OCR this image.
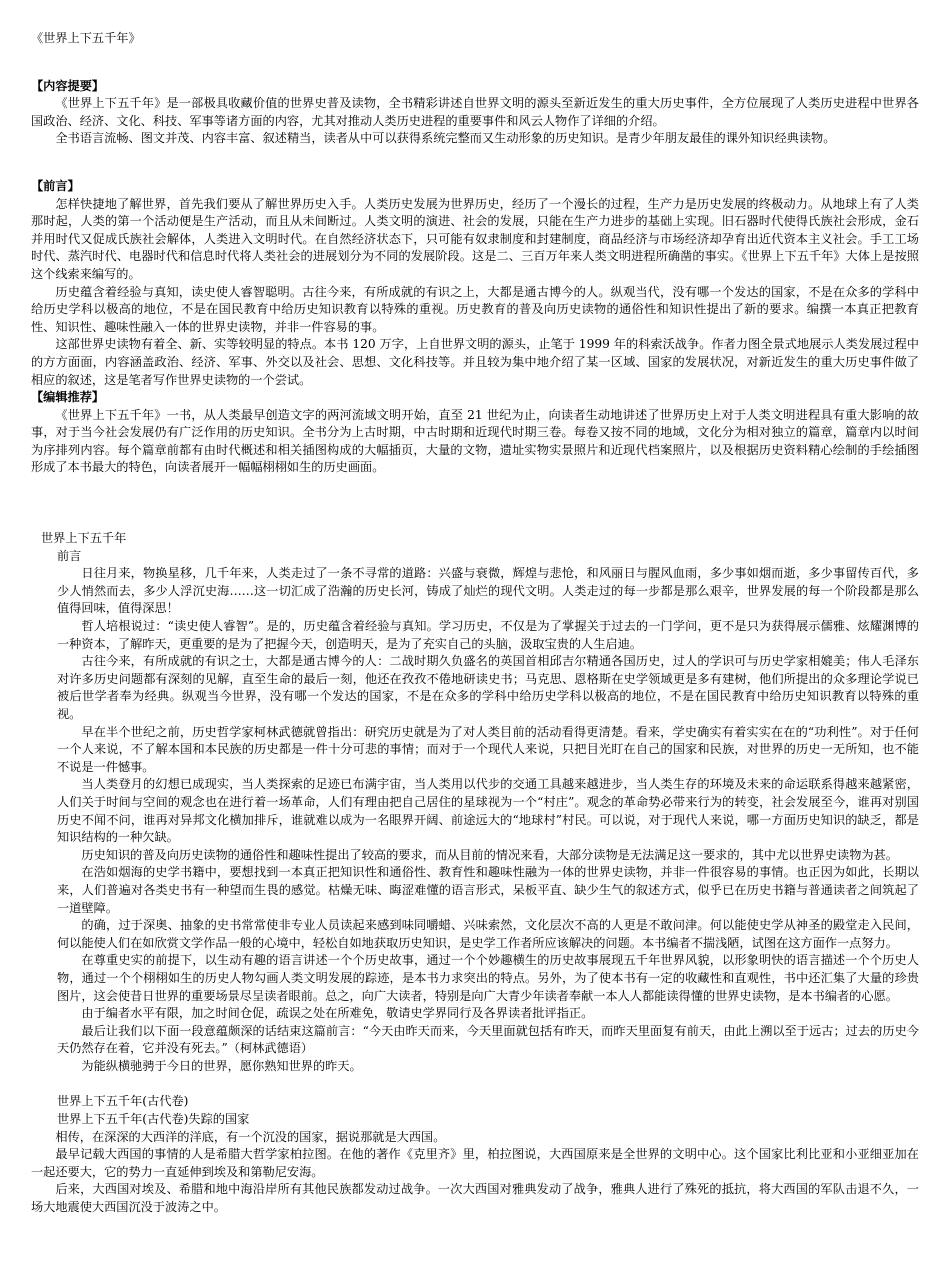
《世界上下五千年》
【内容提要】

《世界上下五千年》是一部极具收藏价值的世界史普及读物，全书精彩讲述自世界文明的源头至新近发生的重大历史事件，全方位展现了人类历史进程中世界各国政治、经济、文化、科技、军事等诸方面的内容，尤其对推动人类历史进程的重要事件和风云人物作了详细的介绍。

全书语言流畅、图文并茂、内容丰富、叙述精当，读者从中可以获得系统完整而又生动形象的历史知识。是青少年朋友最佳的课外知识经典读物。

【前言】

怎样快捷地了解世界，首先我们要从了解世界历史入手。人类历史发展为世界历史，经历了一个漫长的过程，生产力是历史发展的终极动力。从地球上有了人类那时起，人类的第一个活动便是生产活动，而且从未间断过。人类文明的演进、社会的发展，只能在生产力进步的基础上实现。旧石器时代使得氏族社会形成，金石并用时代又促成氏族社会解体，人类进入文明时代。在自然经济状态下，只可能有奴隶制度和封建制度，商品经济与市场经济却孕育出近代资本主义社会。手工工场时代、蒸汽时代、电器时代和信息时代将人类社会的进展划分为不同的发展阶段。这是二、三百万年来人类文明进程所确凿的事实。《世界上下五千年》大体上是按照这个线索来编写的。

历史蕴含着经验与真知，读史使人睿智聪明。古往今来，有所成就的有识之上，大都是通古博今的人。纵观当代，没有哪一个发达的国家，不是在众多的学科中给历史学科以极高的地位，不是在国民教育中给历史知识教育以特殊的重视。历史教育的普及向历史读物的通俗性和知识性提出了新的要求。编撰一本真正把教育性、知识性、趣味性融入一体的世界史读物，并非一件容易的事。

这部世界史读物有着全、新、实等较明显的特点。本书 120 万字，上自世界文明的源头，止笔于 1999 年的科索沃战争。作者力图全景式地展示人类发展过程中的方方面面，内容涵盖政治、经济、军事、外交以及社会、思想、文化科技等。并且较为集中地介绍了某一区域、国家的发展状况，对新近发生的重大历史事件做了相应的叙述，这是笔者写作世界史读物的一个尝试。

【编辑推荐】

《世界上下五千年》一书，从人类最早创造文字的两河流域文明开始，直至 21 世纪为止，向读者生动地讲述了世界历史上对于人类文明进程具有重大影响的故事，对于当今社会发展仍有广泛作用的历史知识。全书分为上古时期，中古时期和近现代时期三卷。每卷又按不同的地域，文化分为相对独立的篇章，篇章内以时间为序排列内容。每个篇章前都有由时代概述和相关插图构成的大幅插页，大量的文物，遗址实物实景照片和近现代档案照片，以及根据历史资料精心绘制的手绘插图形成了本书最大的特色，向读者展开一幅幅栩栩如生的历史画面。

世界上下五千年
前言

日往月来，物换星移，几千年来，人类走过了一条不寻常的道路：兴盛与衰微，辉煌与悲怆，和风丽日与腥风血雨，多少事如烟而逝，多少事留传百代，多少人悄然而去，多少人浮沉史海……这一切汇成了浩瀚的历史长河，铸成了灿烂的现代文明。人类走过的每一步都是那么艰辛，世界发展的每一个阶段都是那么值得回味，值得深思！

哲人培根说过：“读史使人睿智”。是的，历史蕴含着经验与真知。学习历史，不仅是为了掌握关于过去的一门学问，更不是只为获得展示儒雅、炫耀渊博的一种资本，了解昨天，更重要的是为了把握今天，创造明天，是为了充实自己的头脑，汲取宝贵的人生启迪。

古往今来，有所成就的有识之士，大都是通古博今的人：二战时期久负盛名的英国首相邱吉尔精通各国历史，过人的学识可与历史学家相媲美；伟人毛泽东对许多历史问题都有深刻的见解，直至生命的最后一刻，他还在孜孜不倦地研读史书；马克思、恩格斯在史学领域更是多有建树，他们所提出的众多理论学说已被后世学者奉为经典。纵观当今世界，没有哪一个发达的国家，不是在众多的学科中给历史学科以极高的地位，不是在国民教育中给历史知识教育以特殊的重视。

早在半个世纪之前，历史哲学家柯林武德就曾指出：研究历史就是为了对人类目前的活动看得更清楚。看来，学史确实有着实实在在的“功利性”。对于任何一个人来说，不了解本国和本民族的历史都是一件十分可悲的事情；而对于一个现代人来说，只把目光盯在自己的国家和民族，对世界的历史一无所知，也不能不说是一件憾事。

当人类登月的幻想已成现实，当人类探索的足迹已布满宇宙，当人类用以代步的交通工具越来越进步，当人类生存的环境及未来的命运联系得越来越紧密，人们关于时间与空间的观念也在进行着一场革命，人们有理由把自己居住的星球视为一个“村庄”。观念的革命势必带来行为的转变，社会发展至今，谁再对别国历史不闻不问，谁再对异邦文化横加排斥，谁就难以成为一名眼界开阔、前途远大的“地球村”村民。可以说，对于现代人来说，哪一方面历史知识的缺乏，都是知识结构的一种欠缺。

历史知识的普及向历史读物的通俗性和趣味性提出了较高的要求，而从目前的情况来看，大部分读物是无法满足这一要求的，其中尤以世界史读物为甚。

在浩如烟海的史学书籍中，要想找到一本真正把知识性和通俗性、教育性和趣味性融为一体的世界史读物，并非一件很容易的事情。也正因为如此，长期以来，人们普遍对各类史书有一种望而生畏的感觉。枯燥无味、晦涩难懂的语言形式，呆板平直、缺少生气的叙述方式，似乎已在历史书籍与普通读者之间筑起了一道壁障。

的确，过于深奥、抽象的史书常常使非专业人员读起来感到味同嚼蜡、兴味索然，文化层次不高的人更是不敢问津。何以能使史学从神圣的殿堂走入民间，何以能使人们在如欣赏文学作品一般的心境中，轻松自如地获取历史知识，是史学工作者所应该解决的问题。本书编者不揣浅陋，试图在这方面作一点努力。

在尊重史实的前提下，以生动有趣的语言讲述一个个历史故事，通过一个个妙趣横生的历史故事展现五千年世界风貌，以形象明快的语言描述一个个历史人物，通过一个个栩栩如生的历史人物勾画人类文明发展的踪迹，是本书力求突出的特点。另外，为了使本书有一定的收藏性和直观性，书中还汇集了大量的珍贵图片，这会使昔日世界的重要场景尽呈读者眼前。总之，向广大读者，特别是向广大青少年读者奉献一本人人都能读得懂的世界史读物，是本书编者的心愿。

由于编者水平有限，加之时间仓促，疏误之处在所难免，敬请史学界同行及各界读者批评指正。

最后让我们以下面一段意蕴颇深的话结束这篇前言：“今天由昨天而来，今天里面就包括有昨天，而昨天里面复有前天，由此上溯以至于远古；过去的历史今天仍然存在着，它并没有死去。”（柯林武德语）

为能纵横驰骋于今日的世界，愿你熟知世界的昨天。

世界上下五千年(古代卷)
世界上下五千年(古代卷)失踪的国家

相传，在深深的大西洋的洋底，有一个沉没的国家，据说那就是大西国。

最早记载大西国的事情的人是希腊大哲学家柏拉图。在他的著作《克里齐》里，柏拉图说，大西国原来是全世界的文明中心。这个国家比利比亚和小亚细亚加在一起还要大，它的势力一直延伸到埃及和第勒尼安海。

后来，大西国对埃及、希腊和地中海沿岸所有其他民族都发动过战争。一次大西国对雅典发动了战争，雅典人进行了殊死的抵抗，将大西国的军队击退不久，一场大地震使大西国沉没于波涛之中。
